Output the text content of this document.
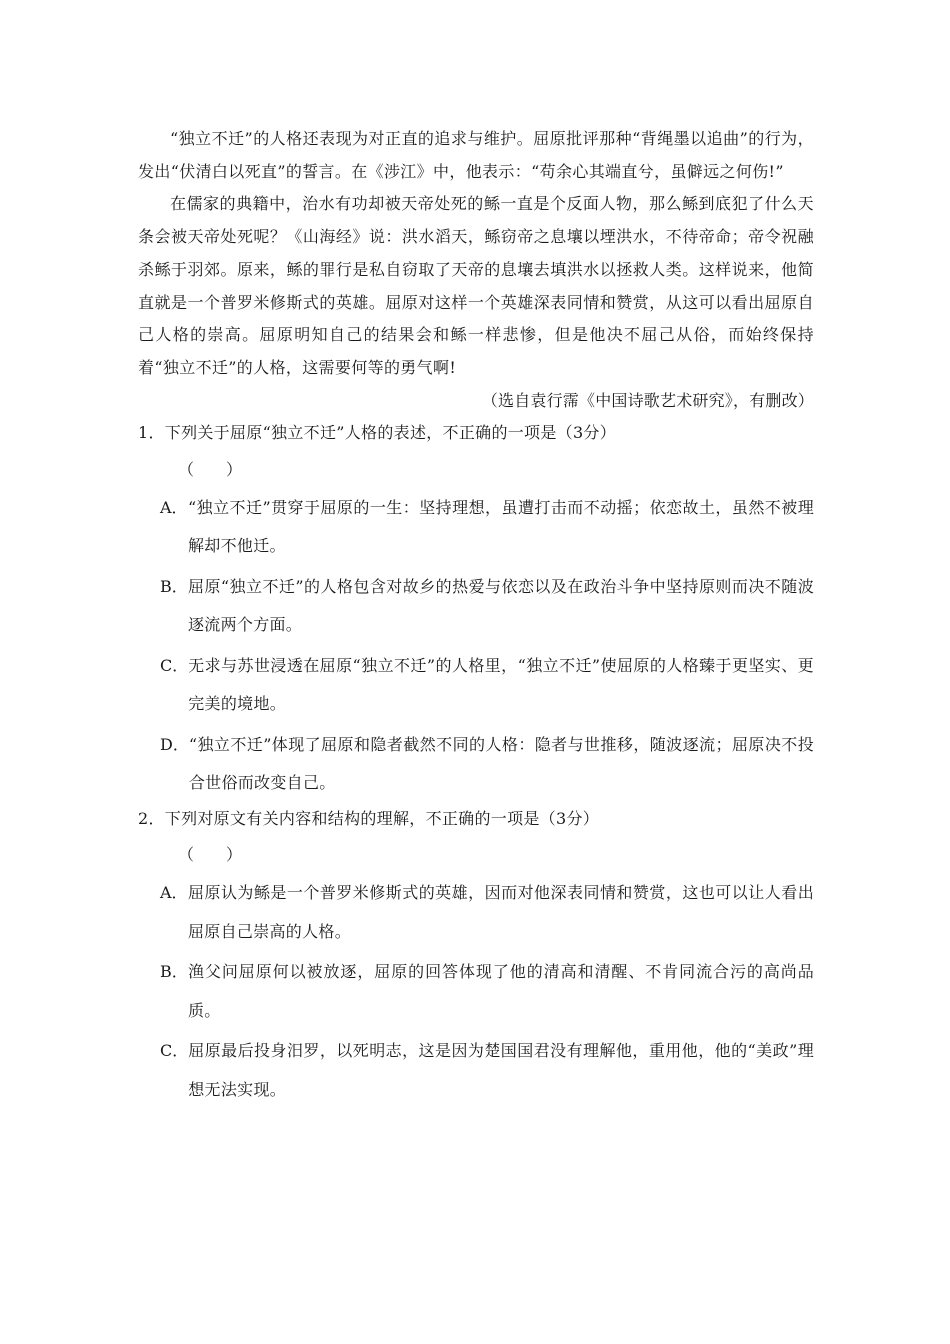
“独立不迁”的人格还表现为对正直的追求与维护。屈原批评那种“背绳墨以追曲”的行为，发出“伏清白以死直”的誓言。在《涉江》中，他表示：“苟余心其端直兮，虽僻远之何伤!”

在儒家的典籍中，治水有功却被天帝处死的鲧一直是个反面人物，那么鲧到底犯了什么天条会被天帝处死呢？《山海经》说：洪水滔天，鲧窃帝之息壤以堙洪水，不待帝命；帝令祝融杀鲧于羽郊。原来，鲧的罪行是私自窃取了天帝的息壤去填洪水以拯救人类。这样说来，他简直就是一个普罗米修斯式的英雄。屈原对这样一个英雄深表同情和赞赏，从这可以看出屈原自己人格的崇高。屈原明知自己的结果会和鲧一样悲惨，但是他决不屈己从俗，而始终保持着“独立不迁”的人格，这需要何等的勇气啊!

（选自袁行霈《中国诗歌艺术研究》，有删改）

1．下列关于屈原“独立不迁”人格的表述，不正确的一项是（3分）

（　　）

A． “独立不迁”贯穿于屈原的一生：坚持理想，虽遭打击而不动摇；依恋故土，虽然不被理解却不他迁。
B． 屈原“独立不迁”的人格包含对故乡的热爱与依恋以及在政治斗争中坚持原则而决不随波逐流两个方面。
C． 无求与苏世浸透在屈原“独立不迁”的人格里，“独立不迁”使屈原的人格臻于更坚实、更完美的境地。
D． “独立不迁”体现了屈原和隐者截然不同的人格：隐者与世推移，随波逐流；屈原决不投合世俗而改变自己。

2．下列对原文有关内容和结构的理解，不正确的一项是（3分）

（　　）

A． 屈原认为鲧是一个普罗米修斯式的英雄，因而对他深表同情和赞赏，这也可以让人看出屈原自己崇高的人格。
B． 渔父问屈原何以被放逐，屈原的回答体现了他的清高和清醒、不肯同流合污的高尚品质。
C． 屈原最后投身汨罗，以死明志，这是因为楚国国君没有理解他，重用他，他的“美政”理想无法实现。
